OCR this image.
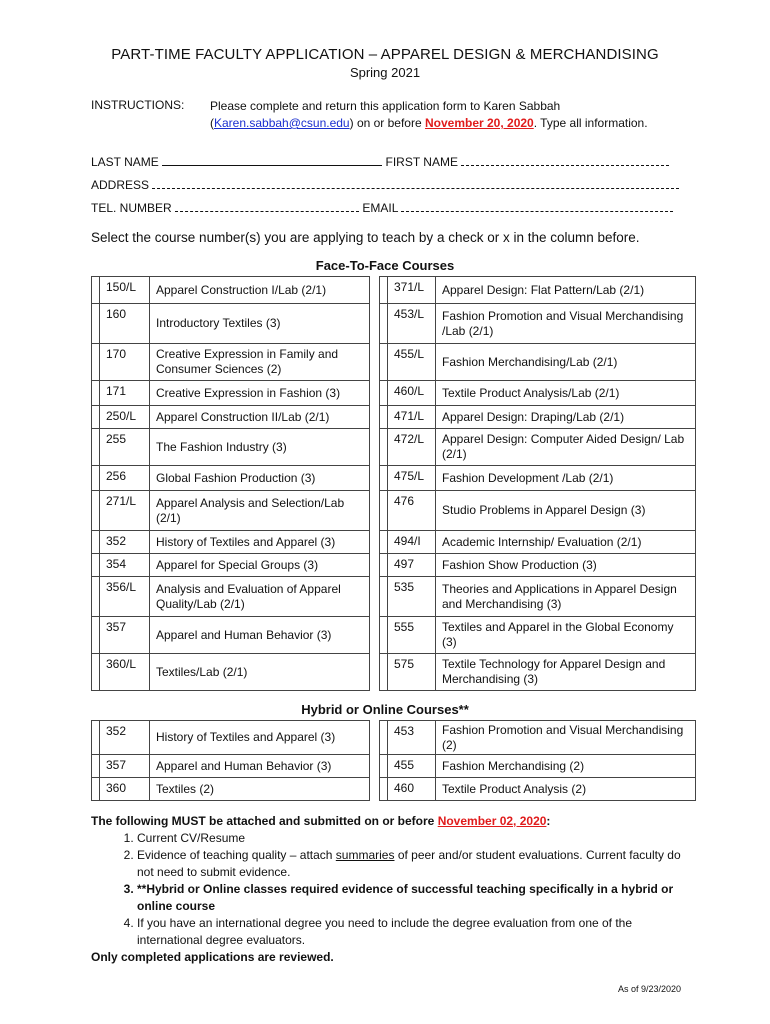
PART-TIME FACULTY APPLICATION – APPAREL DESIGN & MERCHANDISING
Spring 2021
INSTRUCTIONS: Please complete and return this application form to Karen Sabbah
(Karen.sabbah@csun.edu) on or before November 20, 2020. Type all information.
LAST NAME	FIRST NAME
ADDRESS
TEL. NUMBER	EMAIL
Select the course number(s) you are applying to teach by a check or x in the column before.
Face-To-Face Courses
	150/L	Apparel Construction I/Lab (2/1)			371/L	Apparel Design: Flat Pattern/Lab (2/1)
	160	Introductory Textiles (3)			453/L	Fashion Promotion and Visual Merchandising /Lab (2/1)
	170	Creative Expression in Family and Consumer Sciences (2)			455/L	Fashion Merchandising/Lab (2/1)
	171	Creative Expression in Fashion (3)			460/L	Textile Product Analysis/Lab (2/1)
	250/L	Apparel Construction II/Lab (2/1)			471/L	Apparel Design: Draping/Lab (2/1)
	255	The Fashion Industry (3)			472/L	Apparel Design: Computer Aided Design/ Lab (2/1)
	256	Global Fashion Production (3)			475/L	Fashion Development /Lab (2/1)
	271/L	Apparel Analysis and Selection/Lab (2/1)			476	Studio Problems in Apparel Design (3)
	352	History of Textiles and Apparel (3)			494/I	Academic Internship/ Evaluation (2/1)
	354	Apparel for Special Groups (3)			497	Fashion Show Production (3)
	356/L	Analysis and Evaluation of Apparel Quality/Lab (2/1)			535	Theories and Applications in Apparel Design and Merchandising (3)
	357	Apparel and Human Behavior (3)			555	Textiles and Apparel in the Global Economy (3)
	360/L	Textiles/Lab (2/1)			575	Textile Technology for Apparel Design and Merchandising (3)
Hybrid or Online Courses**
	352	History of Textiles and Apparel (3)			453	Fashion Promotion and Visual Merchandising (2)
	357	Apparel and Human Behavior (3)			455	Fashion Merchandising (2)
	360	Textiles (2)			460	Textile Product Analysis (2)
The following MUST be attached and submitted on or before November 02, 2020:
1. Current CV/Resume
2. Evidence of teaching quality – attach summaries of peer and/or student evaluations. Current faculty do not need to submit evidence.
3. **Hybrid or Online classes required evidence of successful teaching specifically in a hybrid or online course
4. If you have an international degree you need to include the degree evaluation from one of the international degree evaluators.
Only completed applications are reviewed.
As of 9/23/2020
